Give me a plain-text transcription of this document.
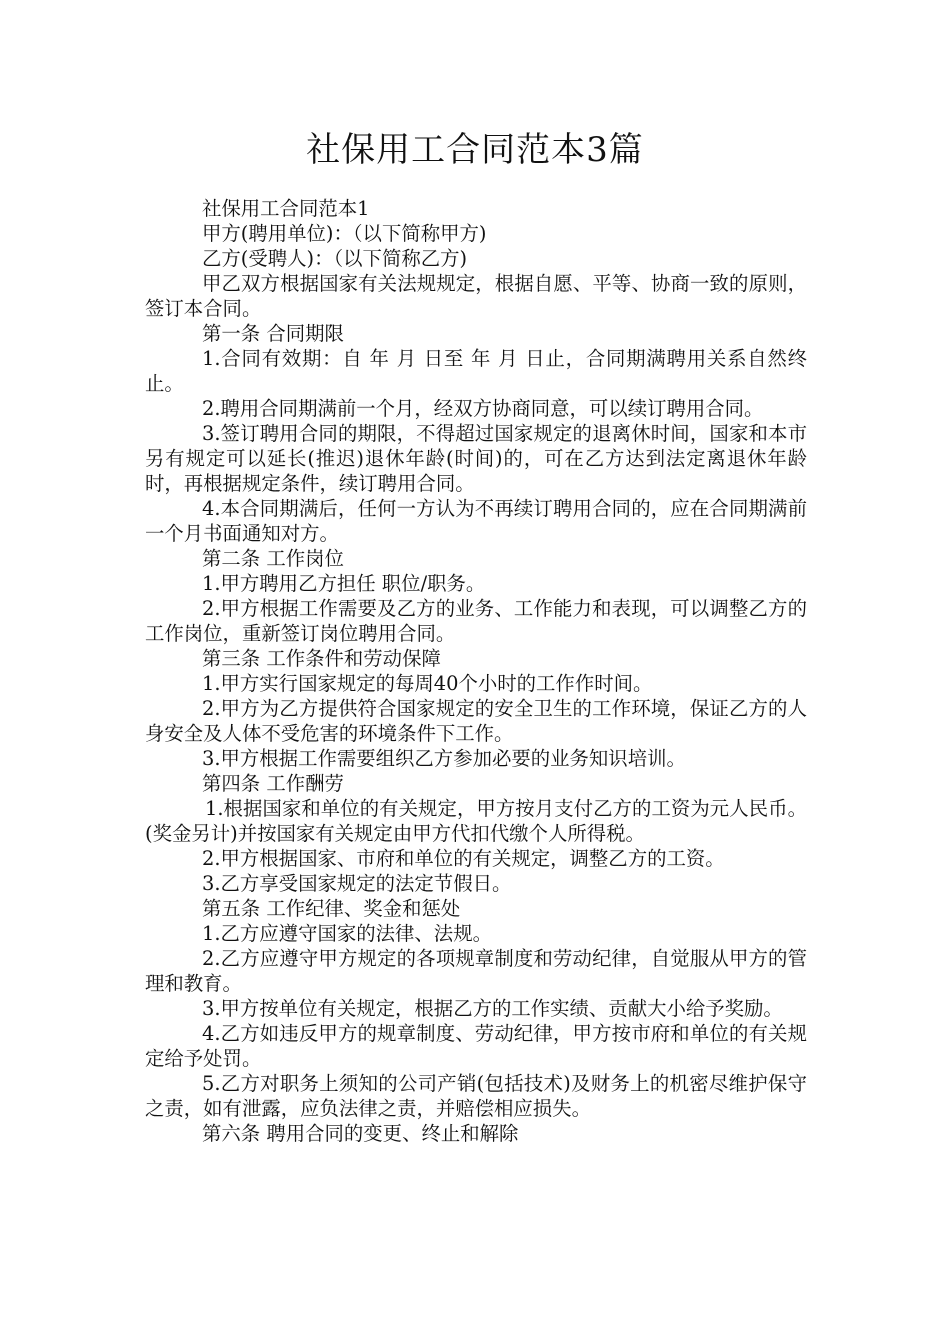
社保用工合同范本3篇

社保用工合同范本1

甲方(聘用单位)：（以下简称甲方)

乙方(受聘人)：（以下简称乙方)

甲乙双方根据国家有关法规规定，根据自愿、平等、协商一致的原则，签订本合同。

第一条 合同期限

1.合同有效期：自 年 月 日至 年 月 日止，合同期满聘用关系自然终止。

2.聘用合同期满前一个月，经双方协商同意，可以续订聘用合同。

3.签订聘用合同的期限，不得超过国家规定的退离休时间，国家和本市另有规定可以延长(推迟)退休年龄(时间)的，可在乙方达到法定离退休年龄时，再根据规定条件，续订聘用合同。

4.本合同期满后，任何一方认为不再续订聘用合同的，应在合同期满前一个月书面通知对方。

第二条 工作岗位

1.甲方聘用乙方担任 职位/职务。

2.甲方根据工作需要及乙方的业务、工作能力和表现，可以调整乙方的工作岗位，重新签订岗位聘用合同。

第三条 工作条件和劳动保障

1.甲方实行国家规定的每周40个小时的工作作时间。

2.甲方为乙方提供符合国家规定的安全卫生的工作环境，保证乙方的人身安全及人体不受危害的环境条件下工作。

3.甲方根据工作需要组织乙方参加必要的业务知识培训。

第四条 工作酬劳

1.根据国家和单位的有关规定，甲方按月支付乙方的工资为元人民币。(奖金另计)并按国家有关规定由甲方代扣代缴个人所得税。

2.甲方根据国家、市府和单位的有关规定，调整乙方的工资。

3.乙方享受国家规定的法定节假日。

第五条 工作纪律、奖金和惩处

1.乙方应遵守国家的法律、法规。

2.乙方应遵守甲方规定的各项规章制度和劳动纪律，自觉服从甲方的管理和教育。

3.甲方按单位有关规定，根据乙方的工作实绩、贡献大小给予奖励。

4.乙方如违反甲方的规章制度、劳动纪律，甲方按市府和单位的有关规定给予处罚。

5.乙方对职务上须知的公司产销(包括技术)及财务上的机密尽维护保守之责，如有泄露，应负法律之责，并赔偿相应损失。

第六条 聘用合同的变更、终止和解除
